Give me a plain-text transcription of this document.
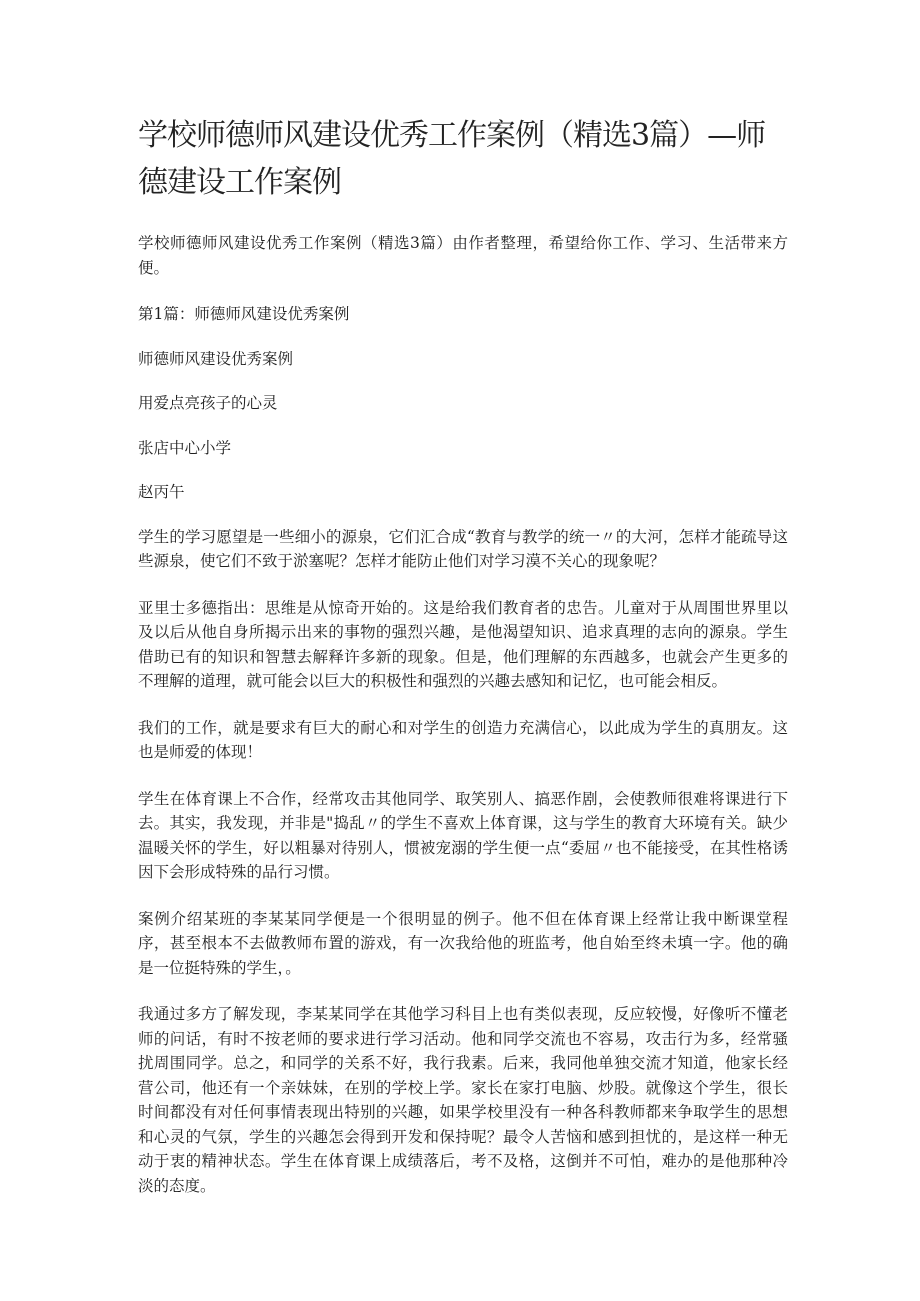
学校师德师风建设优秀工作案例（精选3篇）—师德建设工作案例

学校师德师风建设优秀工作案例（精选3篇）由作者整理，希望给你工作、学习、生活带来方便。

第1篇：师德师风建设优秀案例

师德师风建设优秀案例

用爱点亮孩子的心灵

张店中心小学

赵丙午

学生的学习愿望是一些细小的源泉，它们汇合成“教育与教学的统一〃的大河，怎样才能疏导这些源泉，使它们不致于淤塞呢？怎样才能防止他们对学习漠不关心的现象呢？

亚里士多德指出：思维是从惊奇开始的。这是给我们教育者的忠告。儿童对于从周围世界里以及以后从他自身所揭示出来的事物的强烈兴趣，是他渴望知识、追求真理的志向的源泉。学生借助已有的知识和智慧去解释许多新的现象。但是，他们理解的东西越多，也就会产生更多的不理解的道理，就可能会以巨大的积极性和强烈的兴趣去感知和记忆，也可能会相反。

我们的工作，就是要求有巨大的耐心和对学生的创造力充满信心，以此成为学生的真朋友。这也是师爱的体现！

学生在体育课上不合作，经常攻击其他同学、取笑别人、搞恶作剧，会使教师很难将课进行下去。其实，我发现，并非是"捣乱〃的学生不喜欢上体育课，这与学生的教育大环境有关。缺少温暖关怀的学生，好以粗暴对待别人，惯被宠溺的学生便一点“委屈〃也不能接受，在其性格诱因下会形成特殊的品行习惯。

案例介绍某班的李某某同学便是一个很明显的例子。他不但在体育课上经常让我中断课堂程序，甚至根本不去做教师布置的游戏，有一次我给他的班监考，他自始至终未填一字。他的确是一位挺特殊的学生，。

我通过多方了解发现，李某某同学在其他学习科目上也有类似表现，反应较慢，好像听不懂老师的问话，有时不按老师的要求进行学习活动。他和同学交流也不容易，攻击行为多，经常骚扰周围同学。总之，和同学的关系不好，我行我素。后来，我同他单独交流才知道，他家长经营公司，他还有一个亲妹妹，在别的学校上学。家长在家打电脑、炒股。就像这个学生，很长时间都没有对任何事情表现出特别的兴趣，如果学校里没有一种各科教师都来争取学生的思想和心灵的气氛，学生的兴趣怎会得到开发和保持呢？最令人苦恼和感到担忧的，是这样一种无动于衷的精神状态。学生在体育课上成绩落后，考不及格，这倒并不可怕，难办的是他那种冷淡的态度。
